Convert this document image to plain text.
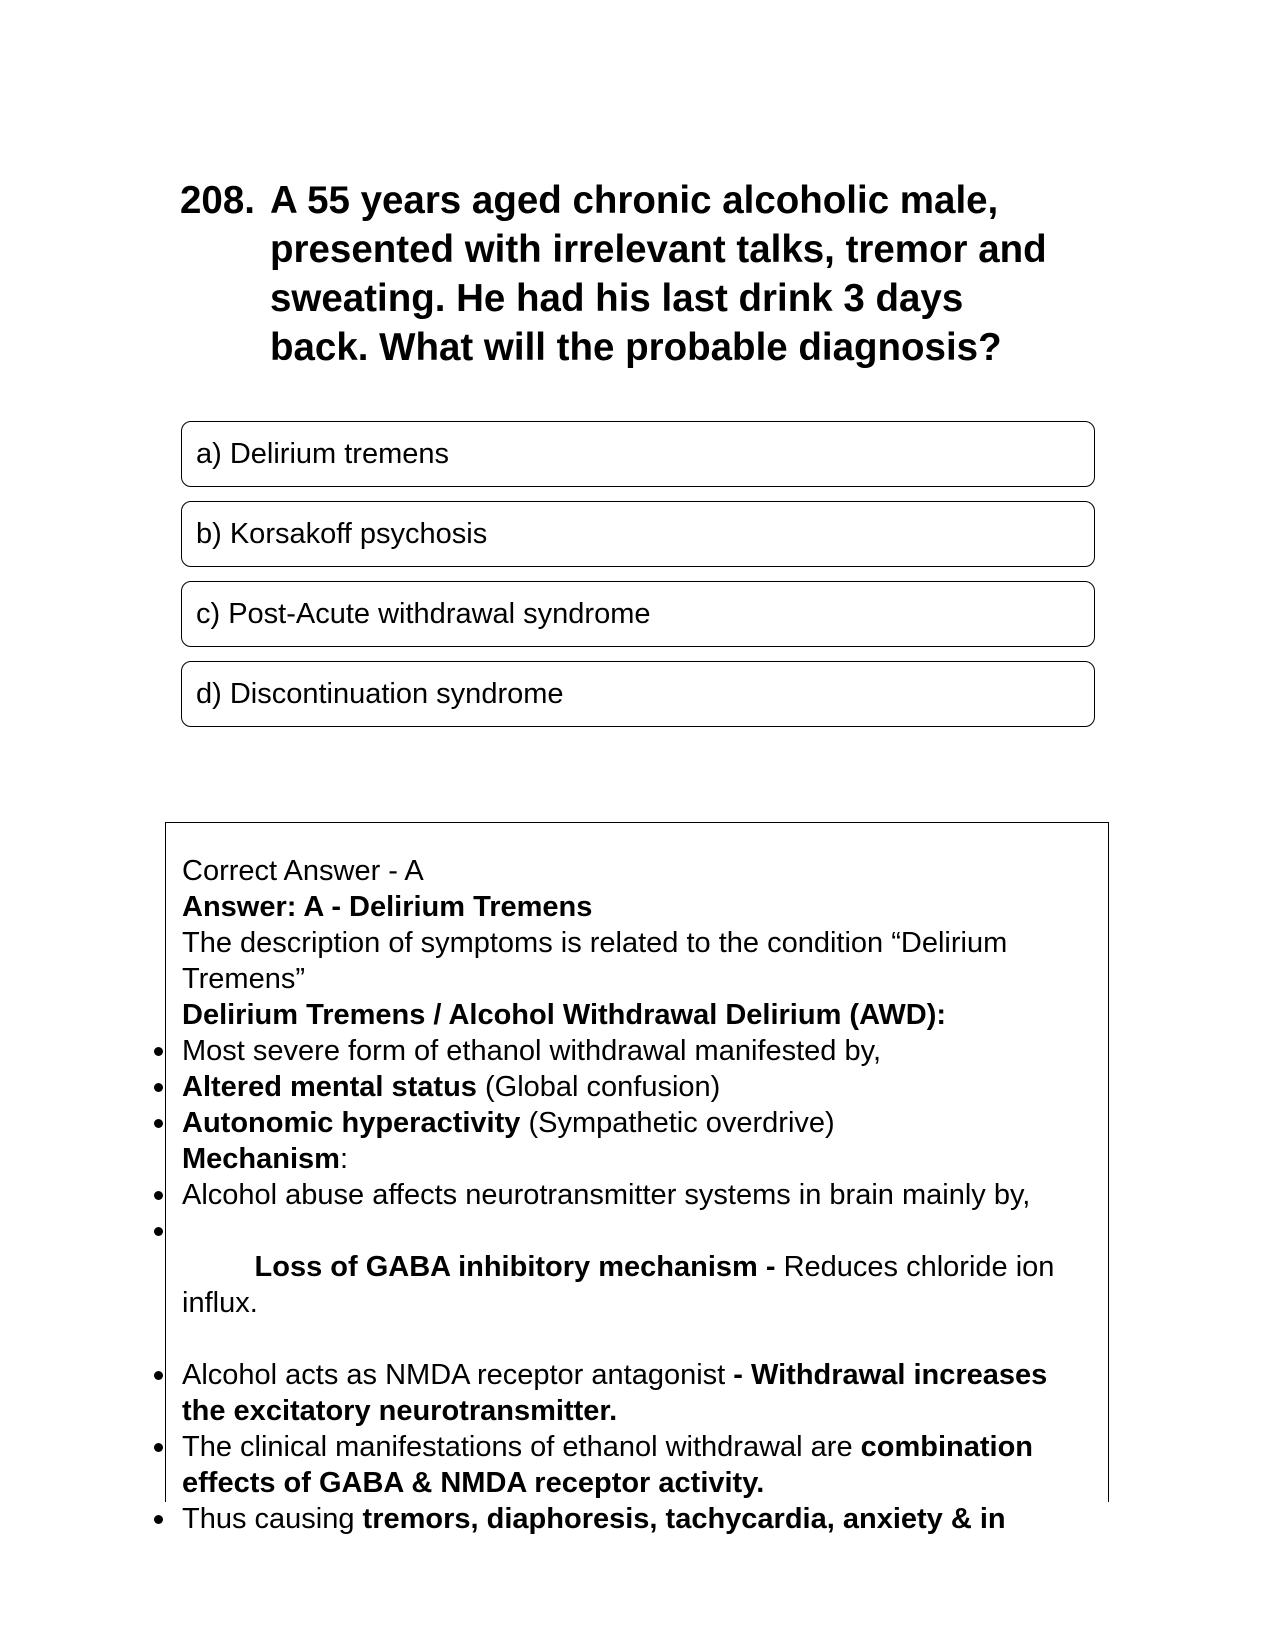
208. A 55 years aged chronic alcoholic male, presented with irrelevant talks, tremor and sweating. He had his last drink 3 days back. What will the probable diagnosis?
a) Delirium tremens
b) Korsakoff psychosis
c) Post-Acute withdrawal syndrome
d) Discontinuation syndrome

Correct Answer - A

Answer: A - Delirium Tremens

The description of symptoms is related to the condition “Delirium Tremens”

Delirium Tremens / Alcohol Withdrawal Delirium (AWD):

Most severe form of ethanol withdrawal manifested by,
Altered mental status (Global confusion)
Autonomic hyperactivity (Sympathetic overdrive)

Mechanism:

Alcohol abuse affects neurotransmitter systems in brain mainly by,

Loss of GABA inhibitory mechanism - Reduces chloride ion influx.

Alcohol acts as NMDA receptor antagonist - Withdrawal increases the excitatory neurotransmitter.
The clinical manifestations of ethanol withdrawal are combination effects of GABA & NMDA receptor activity.
Thus causing tremors, diaphoresis, tachycardia, anxiety & in
